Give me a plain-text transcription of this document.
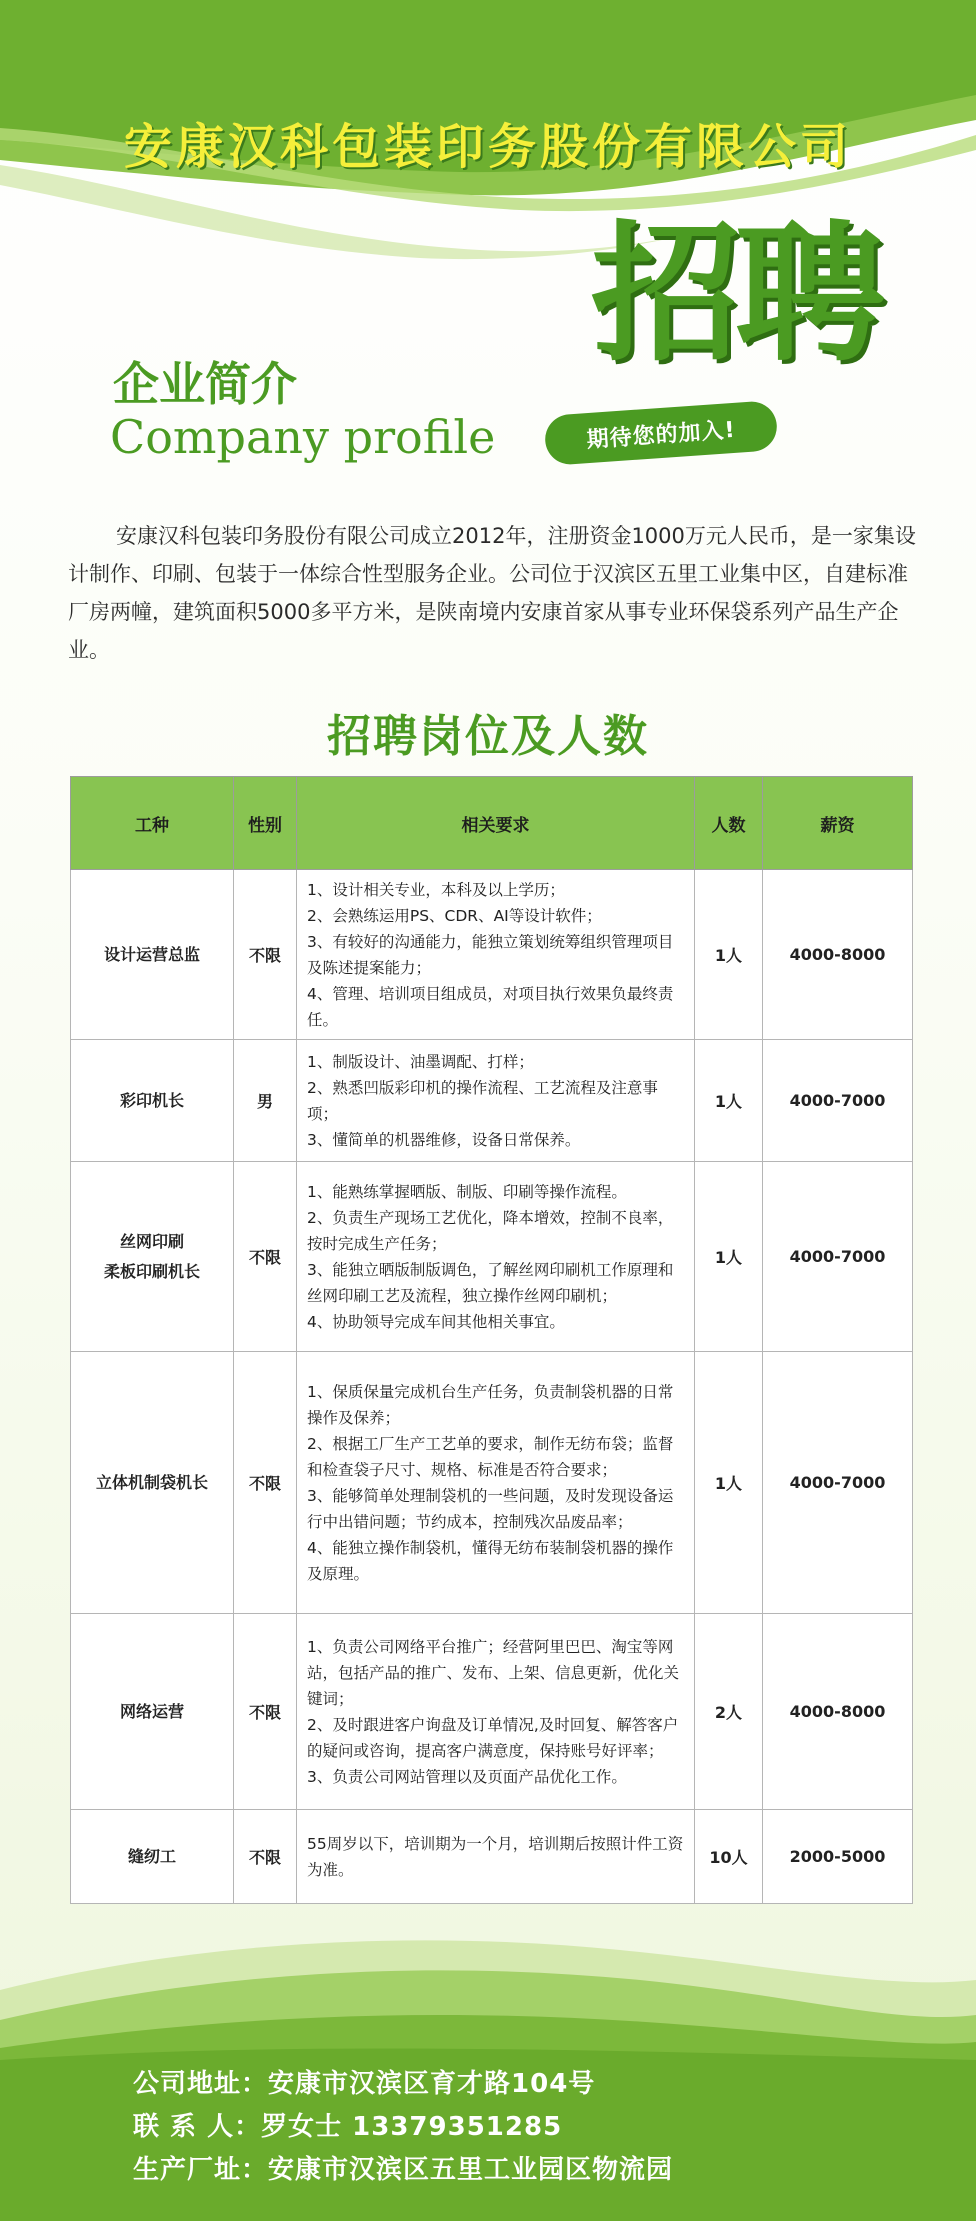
安康汉科包装印务股份有限公司
招聘
期待您的加入!
企业简介
Company profile
安康汉科包装印务股份有限公司成立2012年，注册资金1000万元人民币，是一家集设计制作、印刷、包装于一体综合性型服务企业。公司位于汉滨区五里工业集中区，自建标准厂房两幢，建筑面积5000多平方米，是陕南境内安康首家从事专业环保袋系列产品生产企业。
招聘岗位及人数
工种	性别	相关要求	人数	薪资

设计运营总监	不限	1、设计相关专业，本科及以上学历；
2、会熟练运用PS、CDR、AI等设计软件；
3、有较好的沟通能力，能独立策划统筹组织管理项目及陈述提案能力；
4、管理、培训项目组成员，对项目执行效果负最终责任。	1人	4000-8000

彩印机长	男	1、制版设计、油墨调配、打样；
2、熟悉凹版彩印机的操作流程、工艺流程及注意事项；
3、懂简单的机器维修，设备日常保养。	1人	4000-7000

丝网印刷
柔板印刷机长	不限	1、能熟练掌握晒版、制版、印刷等操作流程。
2、负责生产现场工艺优化，降本增效，控制不良率，按时完成生产任务；
3、能独立晒版制版调色，了解丝网印刷机工作原理和丝网印刷工艺及流程，独立操作丝网印刷机；
4、协助领导完成车间其他相关事宜。	1人	4000-7000

立体机制袋机长	不限	1、保质保量完成机台生产任务，负责制袋机器的日常操作及保养；
2、根据工厂生产工艺单的要求，制作无纺布袋；监督和检查袋子尺寸、规格、标准是否符合要求；
3、能够简单处理制袋机的一些问题，及时发现设备运行中出错问题；节约成本，控制残次品废品率；
4、能独立操作制袋机，懂得无纺布装制袋机器的操作及原理。	1人	4000-7000

网络运营	不限	1、负责公司网络平台推广；经营阿里巴巴、淘宝等网站，包括产品的推广、发布、上架、信息更新，优化关键词；
2、及时跟进客户询盘及订单情况,及时回复、解答客户的疑问或咨询，提高客户满意度，保持账号好评率；
3、负责公司网站管理以及页面产品优化工作。	2人	4000-8000

缝纫工	不限	55周岁以下，培训期为一个月，培训期后按照计件工资为准。	10人	2000-5000
公司地址：安康市汉滨区育才路104号
联 系 人：罗女士 13379351285
生产厂址：安康市汉滨区五里工业园区物流园
